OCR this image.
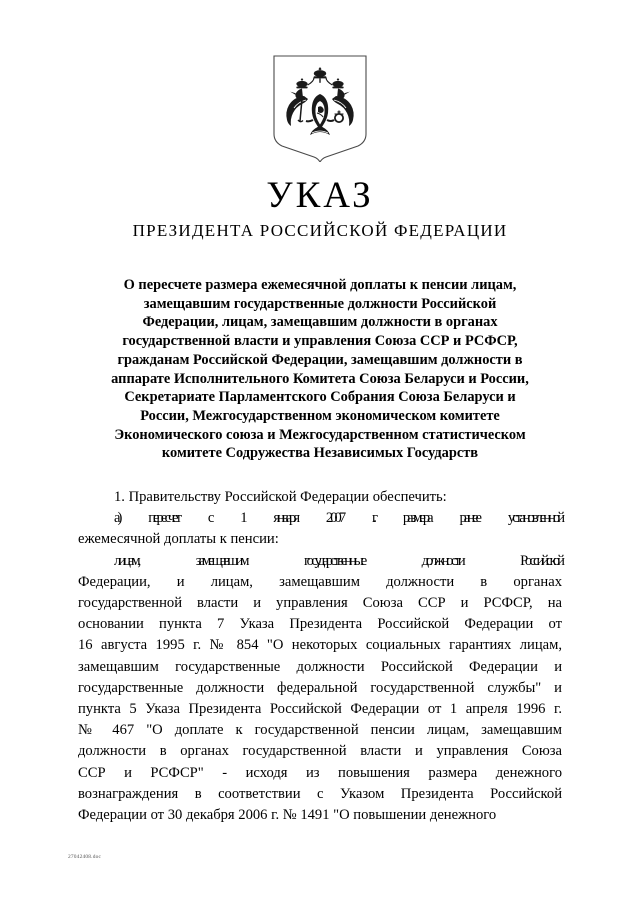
УКАЗ
ПРЕЗИДЕНТА РОССИЙСКОЙ ФЕДЕРАЦИИ
О пересчете размера ежемесячной доплаты к пенсии лицам,
замещавшим государственные должности Российской
Федерации, лицам, замещавшим должности в органах
государственной власти и управления Союза ССР и РСФСР,
гражданам Российской Федерации, замещавшим должности в
аппарате Исполнительного Комитета Союза Беларуси и России,
Секретариате Парламентского Собрания Союза Беларуси и
России, Межгосударственном экономическом комитете
Экономического союза и Межгосударственном статистическом
комитете Содружества Независимых Государств

1. Правительству Российской Федерации обеспечить:

а) пересчет с 1 января 2007 г. размера ранее установленной
ежемесячной доплаты к пенсии:
лицам, замещавшим государственные должности Российской
Федерации, и лицам, замещавшим должности в органах
государственной власти и управления Союза ССР и РСФСР, на
основании пункта 7 Указа Президента Российской Федерации от
16 августа 1995 г. № 854 "О некоторых социальных гарантиях лицам,
замещавшим государственные должности Российской Федерации и
государственные должности федеральной государственной службы" и
пункта 5 Указа Президента Российской Федерации от 1 апреля 1996 г.
№ 467 "О доплате к государственной пенсии лицам, замещавшим
должности в органах государственной власти и управления Союза
ССР и РСФСР" - исходя из повышения размера денежного
вознаграждения в соответствии с Указом Президента Российской
Федерации от 30 декабря 2006 г. № 1491 "О повышении денежного
27042408.doc
